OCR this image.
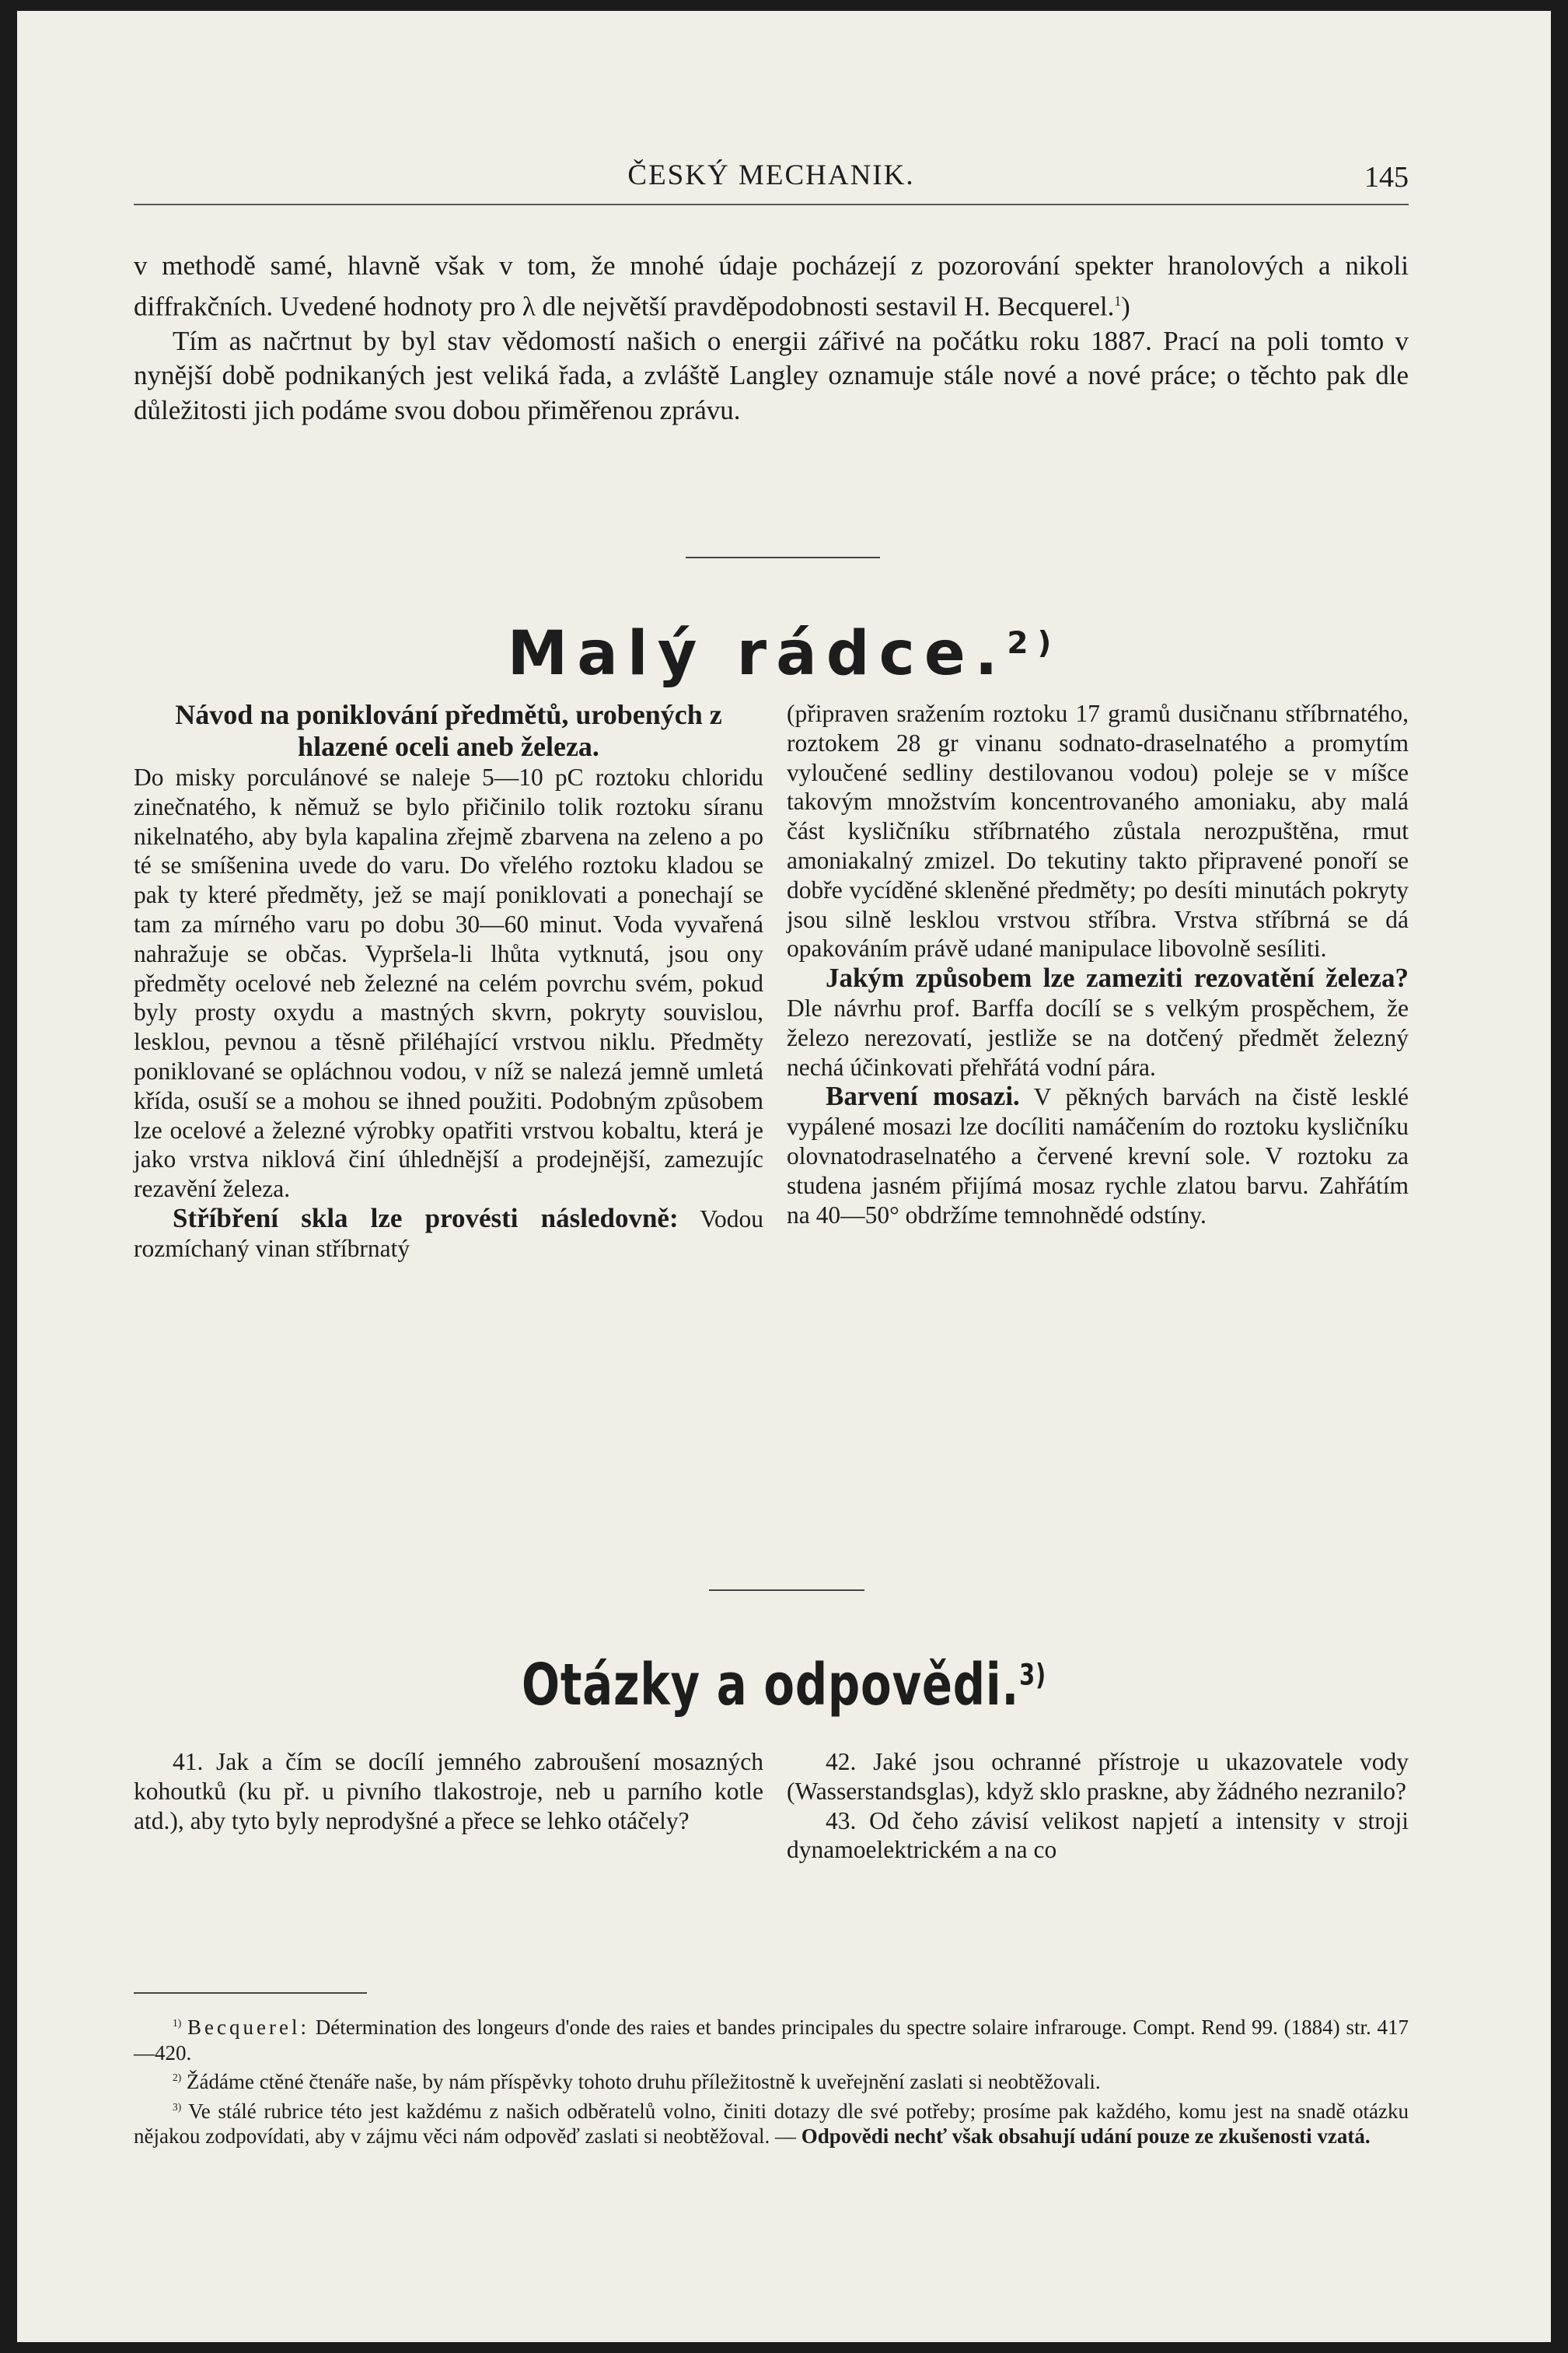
ČESKÝ MECHANIK.	145

v methodě samé, hlavně však v tom, že mnohé údaje pocházejí z pozorování spekter hranolových a nikoli diffrakčních. Uvedené hodnoty pro λ dle největší pravděpodobnosti sestavil H. Becquerel.$^1$)

Tím as načrtnut by byl stav vědomostí našich o energii zářivé na počátku roku 1887. Prací na poli tomto v nynější době podnikaných jest veliká řada, a zvláště Langley oznamuje stále nové a nové práce; o těchto pak dle důležitosti jich podáme svou dobou přiměřenou zprávu.

Malý rádce.$^{2)}$
Návod na poniklování předmětů, urobených z hlazené oceli aneb železa.

Do misky porculánové se naleje 5—10 pC roztoku chloridu zinečnatého, k němuž se bylo přičinilo tolik roztoku síranu nikelnatého, aby byla kapalina zřejmě zbarvena na zeleno a po té se smíšenina uvede do varu. Do vřelého roztoku kladou se pak ty které předměty, jež se mají poniklovati a ponechají se tam za mírného varu po dobu 30—60 minut. Voda vyvařená nahražuje se občas. Vypršela-li lhůta vytknutá, jsou ony předměty ocelové neb železné na celém povrchu svém, pokud byly prosty oxydu a mastných skvrn, pokryty souvislou, lesklou, pevnou a těsně přiléhající vrstvou niklu. Předměty poniklované se opláchnou vodou, v níž se nalezá jemně umletá křída, osuší se a mohou se ihned použiti. Podobným způsobem lze ocelové a železné výrobky opatřiti vrstvou kobaltu, která je jako vrstva niklová činí úhlednější a prodejnější, zamezujíc rezavění železa.

Stříbření skla lze provésti následovně: Vodou rozmíchaný vinan stříbrnatý

(připraven sražením roztoku 17 gramů dusičnanu stříbrnatého, roztokem 28 gr vinanu sodnato-draselnatého a promytím vyloučené sedliny destilovanou vodou) poleje se v míšce takovým množstvím koncentrovaného amoniaku, aby malá část kysličníku stříbrnatého zůstala nerozpuštěna, rmut amoniakalný zmizel. Do tekutiny takto připravené ponoří se dobře vycíděné skleněné předměty; po desíti minutách pokryty jsou silně lesklou vrstvou stříbra. Vrstva stříbrná se dá opakováním právě udané manipulace libovolně sesíliti.

Jakým způsobem lze zameziti rezovatění železa? Dle návrhu prof. Barffa docílí se s velkým prospěchem, že železo nerezovatí, jestliže se na dotčený předmět železný nechá účinkovati přehřátá vodní pára.

Barvení mosazi. V pěkných barvách na čistě lesklé vypálené mosazi lze docíliti namáčením do roztoku kysličníku olovnatodraselnatého a červené krevní sole. V roztoku za studena jasném přijímá mosaz rychle zlatou barvu. Zahřátím na 40—50° obdržíme temnohnědé odstíny.

Otázky a odpovědi.$^{3)}$

41. Jak a čím se docílí jemného zabroušení mosazných kohoutků (ku př. u pivního tlakostroje, neb u parního kotle atd.), aby tyto byly neprodyšné a přece se lehko otáčely?

42. Jaké jsou ochranné přístroje u ukazovatele vody (Wasserstandsglas), když sklo praskne, aby žádného nezranilo?

43. Od čeho závisí velikost napjetí a intensity v stroji dynamoelektrickém a na co

$^{1)}$ Becquerel: Détermination des longeurs d'onde des raies et bandes principales du spectre solaire infrarouge. Compt. Rend 99. (1884) str. 417—420.

$^{2)}$ Žádáme ctěné čtenáře naše, by nám příspěvky tohoto druhu příležitostně k uveřejnění zaslati si neobtěžovali.

$^{3)}$ Ve stálé rubrice této jest každému z našich odběratelů volno, činiti dotazy dle své potřeby; prosíme pak každého, komu jest na snadě otázku nějakou zodpovídati, aby v zájmu věci nám odpověď zaslati si neobtěžoval. — Odpovědi nechť však obsahují udání pouze ze zkušenosti vzatá.
